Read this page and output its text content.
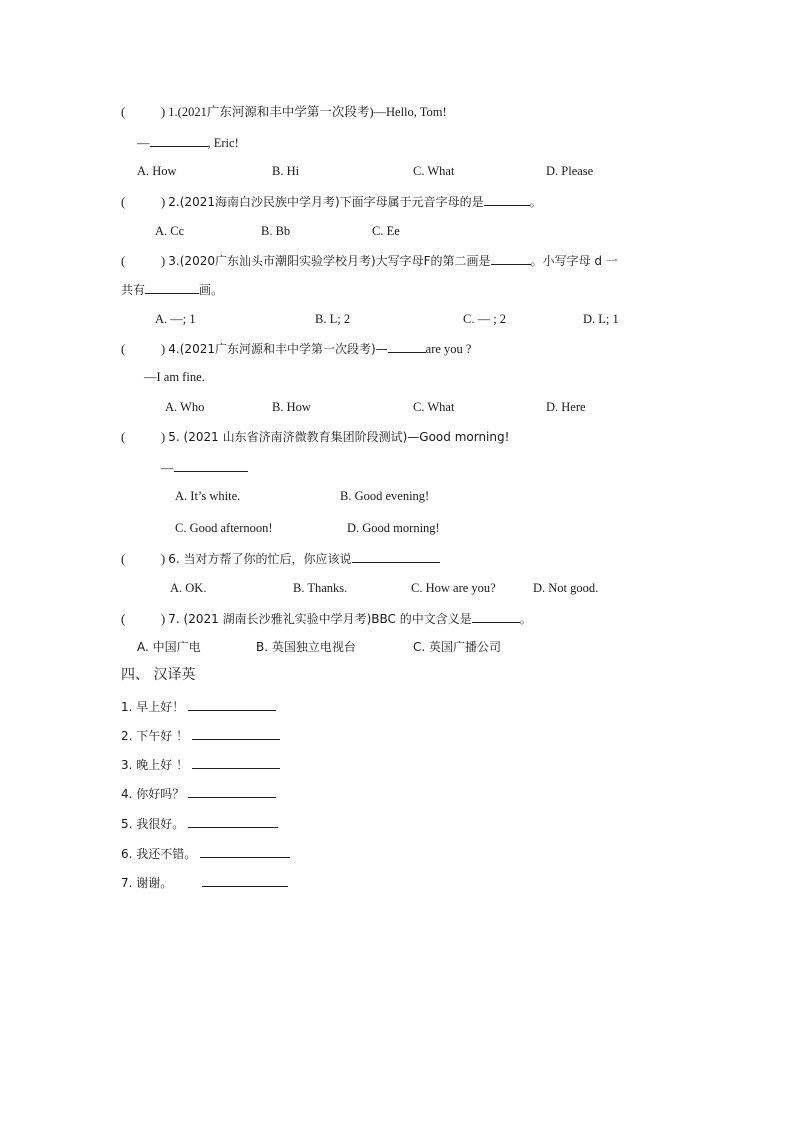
(	) 1.(2021广东河源和丰中学第一次段考)—Hello, Tom!
—	, Eric!
A. How	B. Hi	C. What	D. Please
(	) 2.(2021海南白沙民族中学月考)下面字母属于元音字母的是	。
A. Cc	B. Bb	C. Ee
(	) 3.(2020广东汕头市潮阳实验学校月考)大写字母F的第二画是	。小写字母 d 一
共有	画。
A. —; 1	B. L; 2	C. — ; 2	D. L; 1
(	) 4.(2021广东河源和丰中学第一次段考)—	are you ?
—I am fine.
A. Who	B. How	C. What	D. Here
(	) 5. (2021 山东省济南济微教育集团阶段测试)—Good morning!
—
A. It’s white.	B. Good evening!
C. Good afternoon!	D. Good morning!
(	) 6. 当对方帮了你的忙后，你应该说
A. OK.	B. Thanks.	C. How are you?	D. Not good.
(	) 7. (2021 湖南长沙雅礼实验中学月考)BBC 的中文含义是	。
A. 中国广电	B. 英国独立电视台	C. 英国广播公司
四、 汉译英
1. 早上好！
2. 下午好 ！
3. 晚上好 ！
4. 你好吗？
5. 我很好。
6. 我还不错。
7. 谢谢。
